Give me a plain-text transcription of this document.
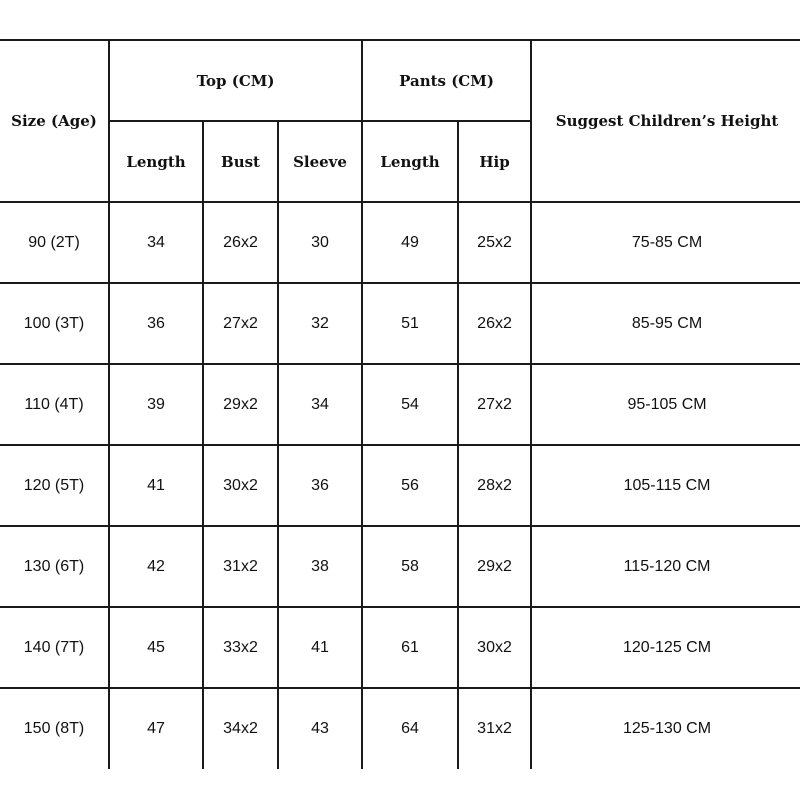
Size (Age)	Top (CM)			Pants (CM)		Suggest Children’s Height
	Length	Bust	Sleeve	Length	Hip	
90 (2T)	34	26x2	30	49	25x2	75-85 CM
100 (3T)	36	27x2	32	51	26x2	85-95 CM
110 (4T)	39	29x2	34	54	27x2	95-105 CM
120 (5T)	41	30x2	36	56	28x2	105-115 CM
130 (6T)	42	31x2	38	58	29x2	115-120 CM
140 (7T)	45	33x2	41	61	30x2	120-125 CM
150 (8T)	47	34x2	43	64	31x2	125-130 CM
